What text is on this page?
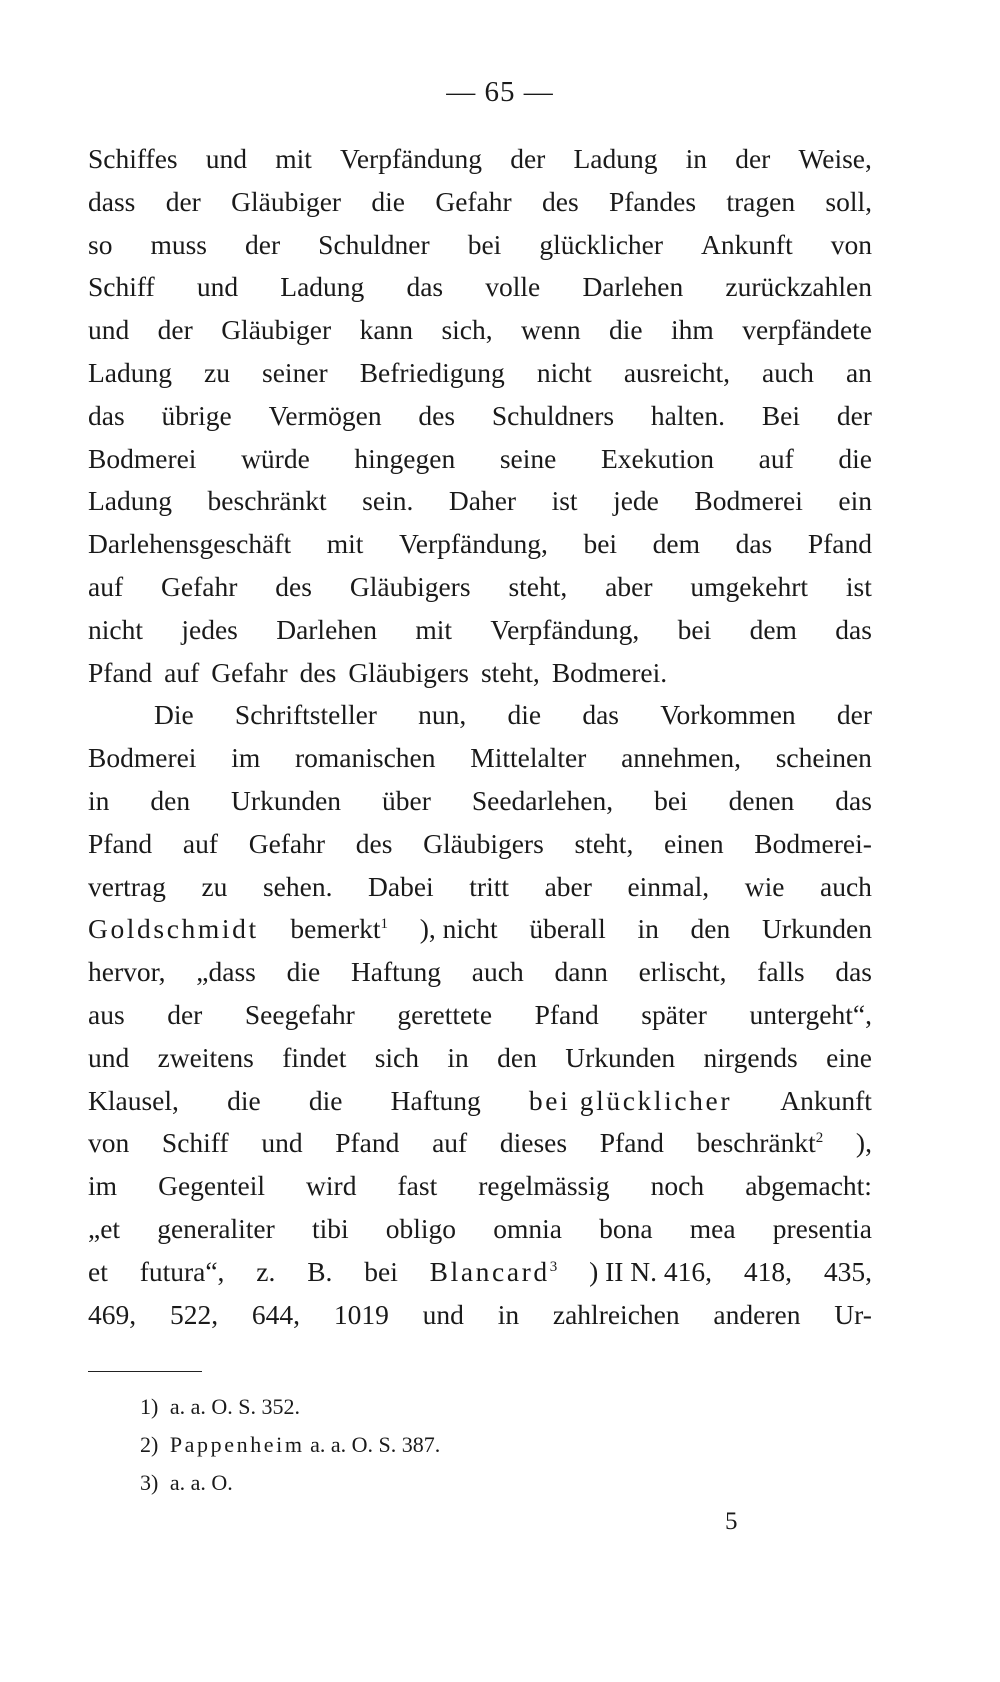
— 65 —
Schiffes und mit Verpfändung der Ladung in der Weise,
dass der Gläubiger die Gefahr des Pfandes tragen soll,
so muss der Schuldner bei glücklicher Ankunft von
Schiff und Ladung das volle Darlehen zurückzahlen
und der Gläubiger kann sich, wenn die ihm verpfändete
Ladung zu seiner Befriedigung nicht ausreicht, auch an
das übrige Vermögen des Schuldners halten. Bei der
Bodmerei würde hingegen seine Exekution auf die
Ladung beschränkt sein. Daher ist jede Bodmerei ein
Darlehensgeschäft mit Verpfändung, bei dem das Pfand
auf Gefahr des Gläubigers steht, aber umgekehrt ist
nicht jedes Darlehen mit Verpfändung, bei dem das
Pfand auf Gefahr des Gläubigers steht, Bodmerei.
Die Schriftsteller nun, die das Vorkommen der
Bodmerei im romanischen Mittelalter annehmen, scheinen
in den Urkunden über Seedarlehen, bei denen das
Pfand auf Gefahr des Gläubigers steht, einen Bodmerei-
vertrag zu sehen. Dabei tritt aber einmal, wie auch
Goldschmidt bemerkt$^1$ ), nicht überall in den Urkunden
hervor, „dass die Haftung auch dann erlischt, falls das
aus der Seegefahr gerettete Pfand später untergeht“,
und zweitens findet sich in den Urkunden nirgends eine
Klausel, die die Haftung bei glücklicher Ankunft
von Schiff und Pfand auf dieses Pfand beschränkt$^2$ ),
im Gegenteil wird fast regelmässig noch abgemacht:
„et generaliter tibi obligo omnia bona mea presentia
et futura“, z. B. bei Blancard$^3$ ) II N. 416, 418, 435,
469, 522, 644, 1019 und in zahlreichen anderen Ur-
1) a. a. O. S. 352.
2) Pappenheim a. a. O. S. 387.
3) a. a. O.
5
